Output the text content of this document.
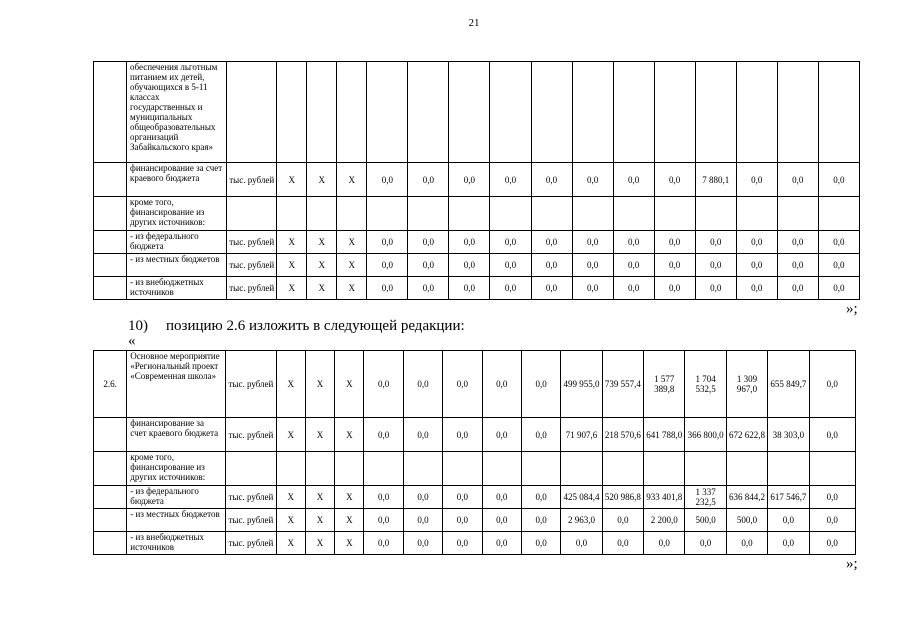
21
	обеспечения льготным питанием их детей, обучающихся в 5-11 классах государственных и муниципальных общеобразовательных организаций Забайкальского края»																
	финансирование за счет краевого бюджета	тыс. рублей	X	X	X	0,0	0,0	0,0	0,0	0,0	0,0	0,0	0,0	7 880,1	0,0	0,0	0,0
	кроме того, финансирование из других источников:																
	- из федерального бюджета	тыс. рублей	X	X	X	0,0	0,0	0,0	0,0	0,0	0,0	0,0	0,0	0,0	0,0	0,0	0,0
	- из местных бюджетов	тыс. рублей	X	X	X	0,0	0,0	0,0	0,0	0,0	0,0	0,0	0,0	0,0	0,0	0,0	0,0
	- из внебюджетных источников	тыс. рублей	X	X	X	0,0	0,0	0,0	0,0	0,0	0,0	0,0	0,0	0,0	0,0	0,0	0,0
»;
10) позицию 2.6 изложить в следующей редакции:
«
2.6.	Основное мероприятие «Региональный проект «Современная школа»	тыс. рублей	X	X	X	0,0	0,0	0,0	0,0	0,0	499 955,0	739 557,4	1 577 389,8	1 704 532,5	1 309 967,0	655 849,7	0,0
	финансирование за счет краевого бюджета	тыс. рублей	X	X	X	0,0	0,0	0,0	0,0	0,0	71 907,6	218 570,6	641 788,0	366 800,0	672 622,8	38 303,0	0,0
	кроме того, финансирование из других источников:																
	- из федерального бюджета	тыс. рублей	X	X	X	0,0	0,0	0,0	0,0	0,0	425 084,4	520 986,8	933 401,8	1 337 232,5	636 844,2	617 546,7	0,0
	- из местных бюджетов	тыс. рублей	X	X	X	0,0	0,0	0,0	0,0	0,0	2 963,0	0,0	2 200,0	500,0	500,0	0,0	0,0
	- из внебюджетных источников	тыс. рублей	X	X	X	0,0	0,0	0,0	0,0	0,0	0,0	0,0	0,0	0,0	0,0	0,0	0,0
»;
